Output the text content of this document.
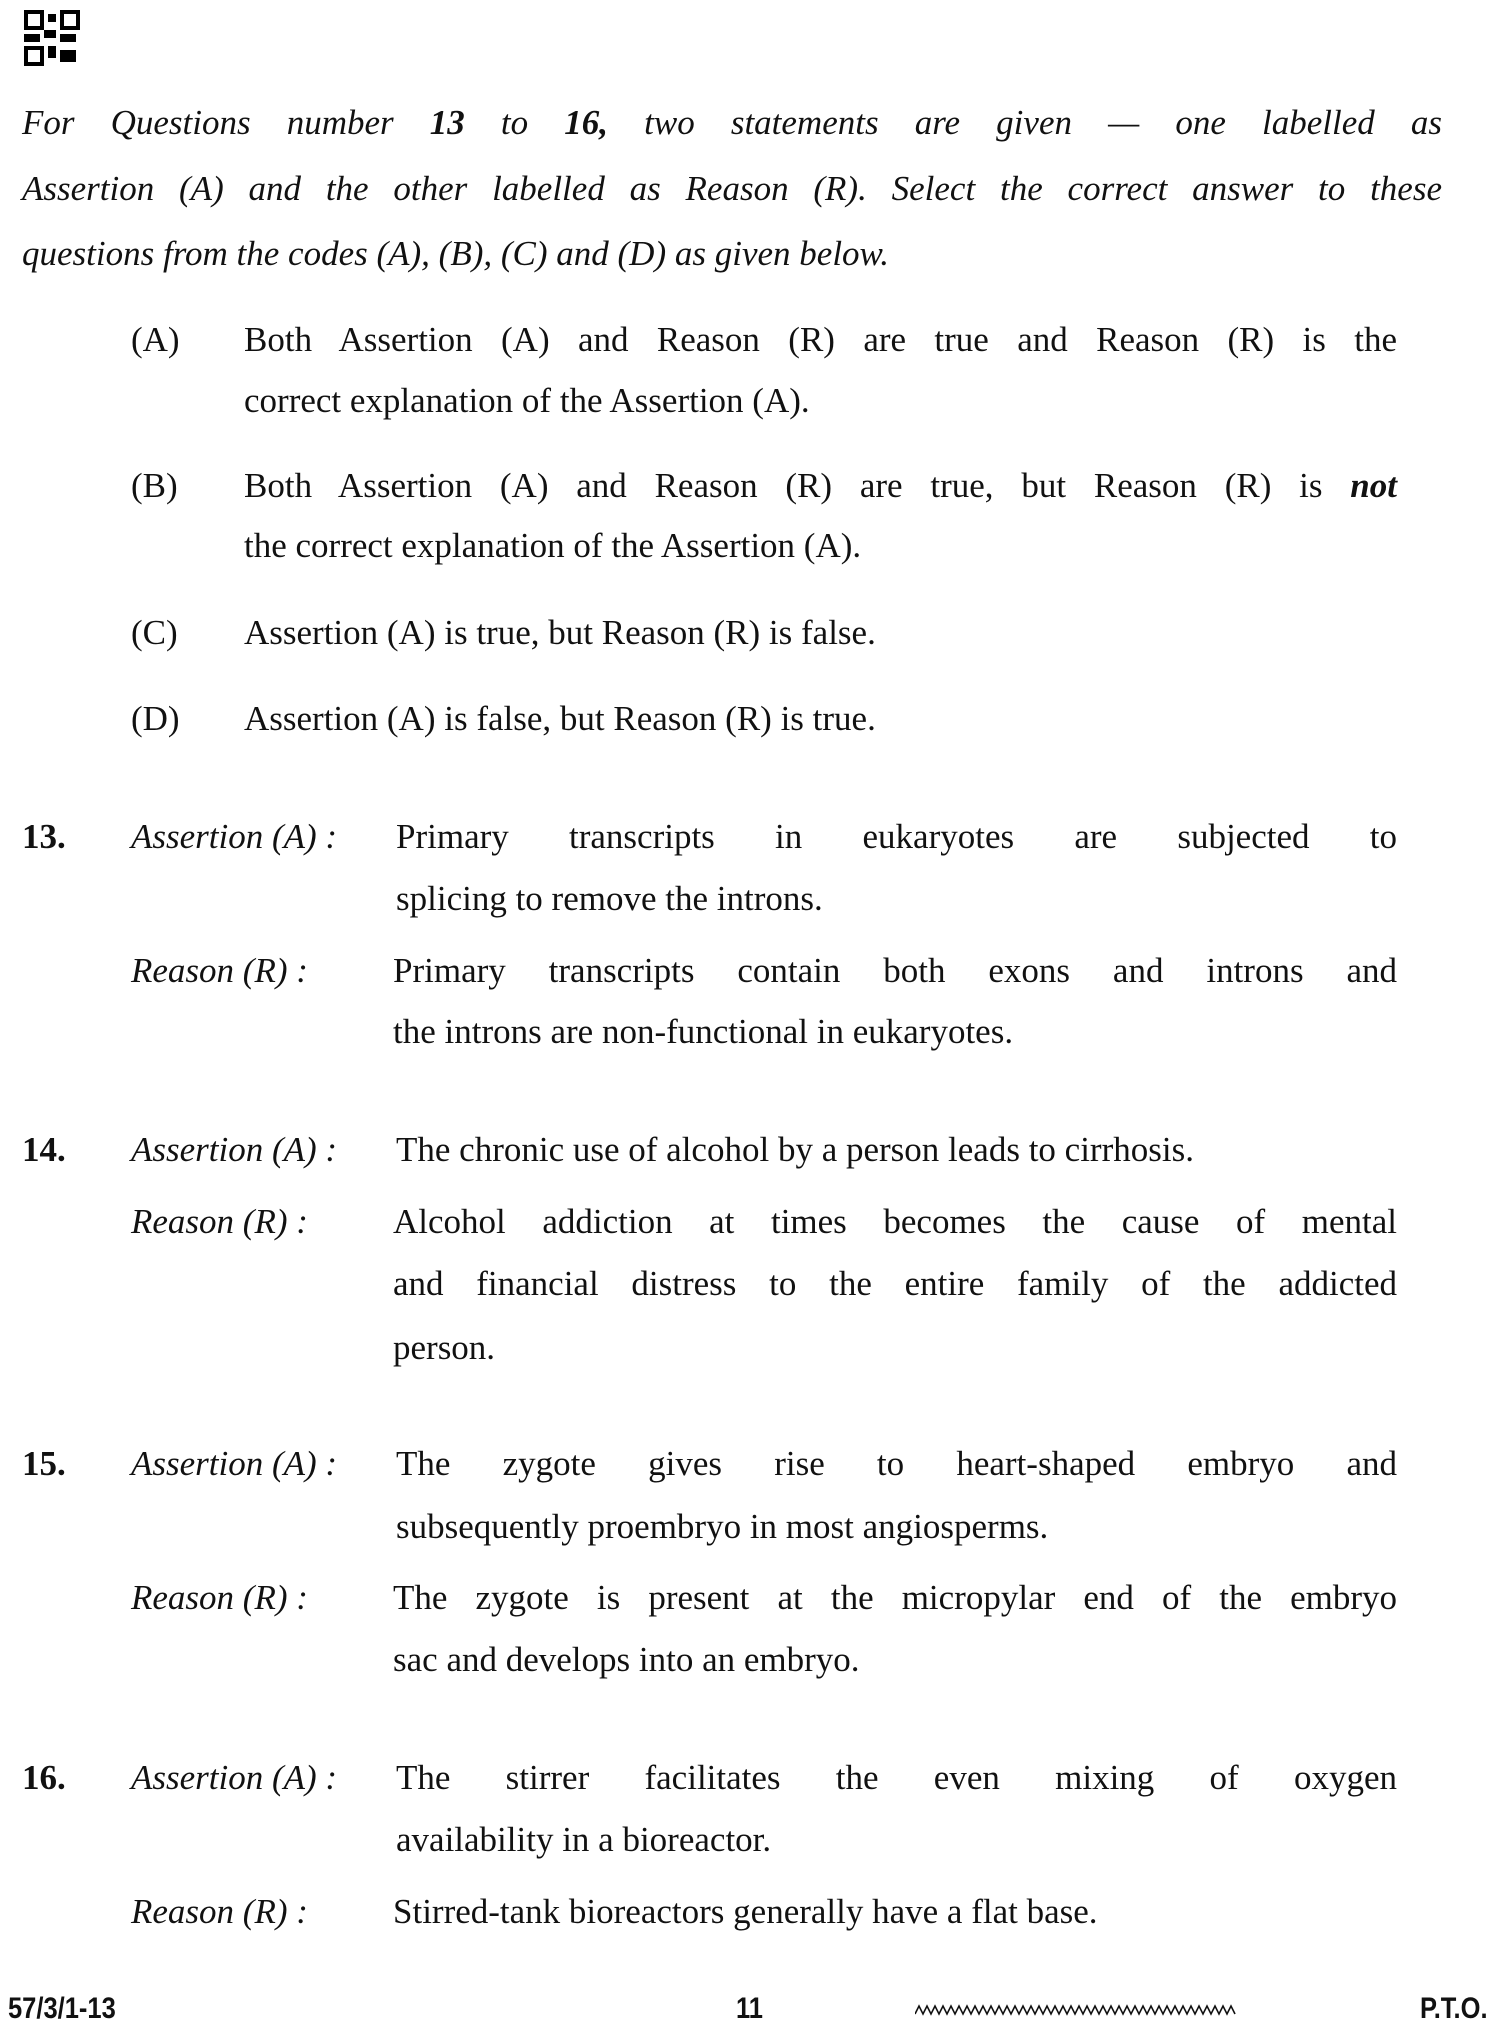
For Questions number 13 to 16, two statements are given — one labelled as
Assertion (A) and the other labelled as Reason (R). Select the correct answer to these
questions from the codes (A), (B), (C) and (D) as given below.
(A) Both Assertion (A) and Reason (R) are true and Reason (R) is the
correct explanation of the Assertion (A).
(B) Both Assertion (A) and Reason (R) are true, but Reason (R) is not
the correct explanation of the Assertion (A).
(C) Assertion (A) is true, but Reason (R) is false.
(D) Assertion (A) is false, but Reason (R) is true.
13. Assertion (A) : Primary transcripts in eukaryotes are subjected to
splicing to remove the introns.
Reason (R) : Primary transcripts contain both exons and introns and
the introns are non-functional in eukaryotes.
14. Assertion (A) : The chronic use of alcohol by a person leads to cirrhosis.
Reason (R) : Alcohol addiction at times becomes the cause of mental
and financial distress to the entire family of the addicted
person.
15. Assertion (A) : The zygote gives rise to heart-shaped embryo and
subsequently proembryo in most angiosperms.
Reason (R) : The zygote is present at the micropylar end of the embryo
sac and develops into an embryo.
16. Assertion (A) : The stirrer facilitates the even mixing of oxygen
availability in a bioreactor.
Reason (R) : Stirred-tank bioreactors generally have a flat base.
57/3/1-13	11	P.T.O.
